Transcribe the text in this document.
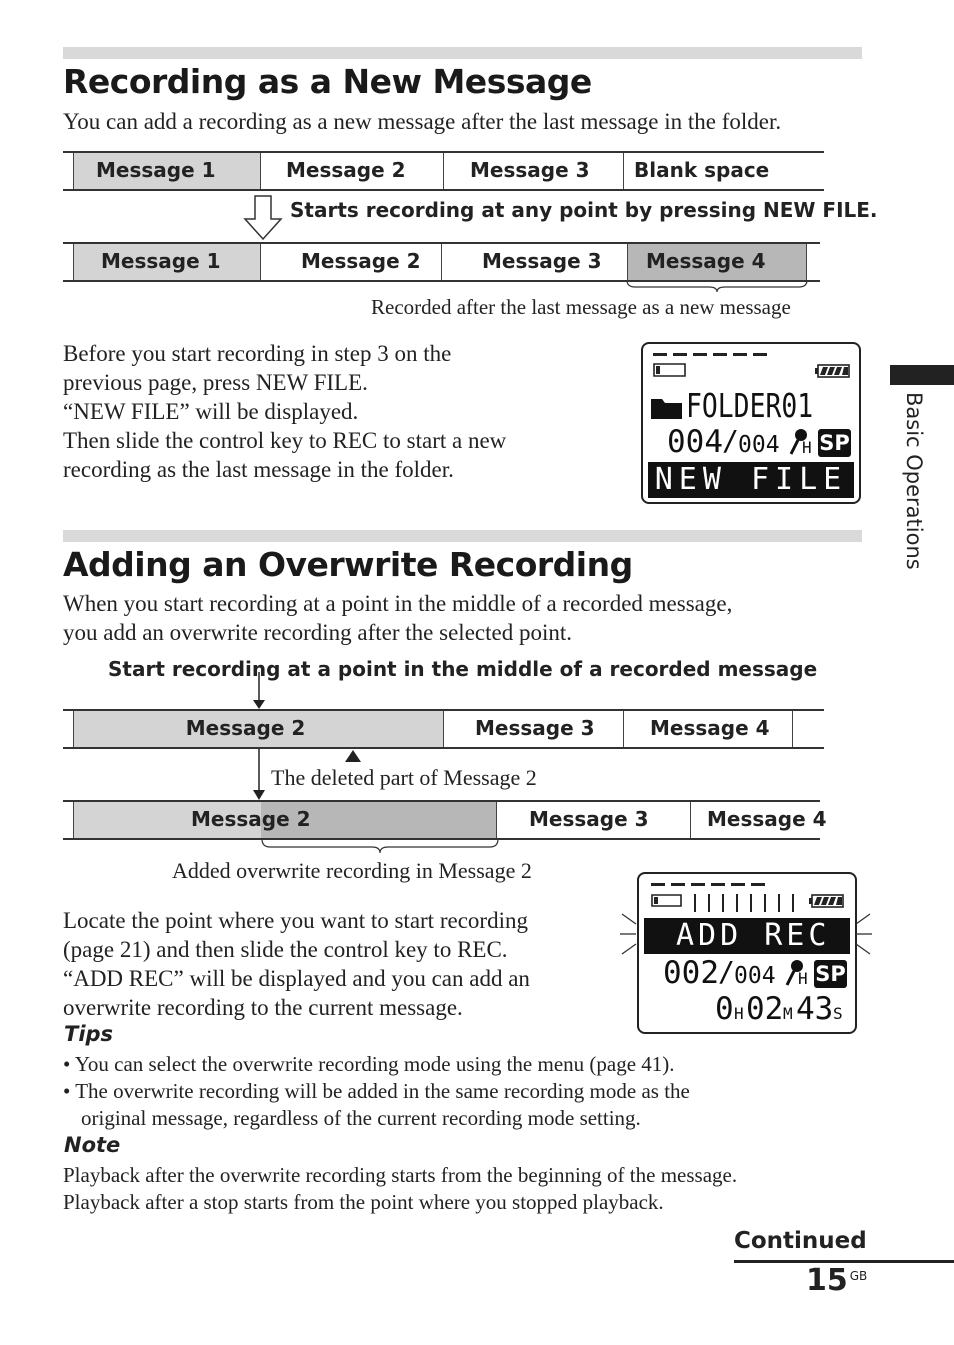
Recording as a New Message
You can add a recording as a new message after the last message in the folder.
Message 1	Message 2	Message 3	Blank space
Starts recording at any point by pressing NEW FILE.
Message 1	Message 2	Message 3	Message 4
Recorded after the last message as a new message
Before you start recording in step 3 on the
previous page, press NEW FILE.
“NEW FILE” will be displayed.
Then slide the control key to REC to start a new
recording as the last message in the folder.
FOLDER01
004 / 004 H SP
NEW FILE
Adding an Overwrite Recording
When you start recording at a point in the middle of a recorded message,
you add an overwrite recording after the selected point.
Start recording at a point in the middle of a recorded message
Message 2	Message 3	Message 4
The deleted part of Message 2
Message 2	Message 3	Message 4
Added overwrite recording in Message 2
Locate the point where you want to start recording
(page 21) and then slide the control key to REC.
“ADD REC” will be displayed and you can add an
overwrite recording to the current message.
ADD REC
002 / 004 H SP
0 H 02 M 43 S
Tips
• You can select the overwrite recording mode using the menu (page 41).
• The overwrite recording will be added in the same recording mode as the
original message, regardless of the current recording mode setting.
Note
Playback after the overwrite recording starts from the beginning of the message.
Playback after a stop starts from the point where you stopped playback.
Basic Operations
Continued
15 $^{GB}$
